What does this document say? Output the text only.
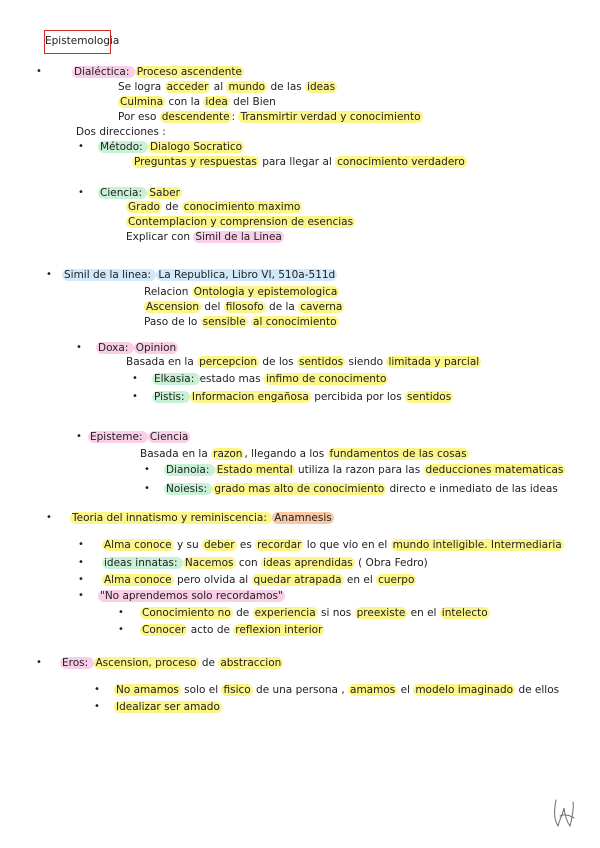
Epistemologia
•	Dialéctica: Proceso ascendente
Se logra acceder al mundo de las ideas
Culmina con la idea del Bien
Por eso descendente : Transmirtir verdad y conocimiento
Dos direcciones :
• Método: Dialogo Socratico
Preguntas y respuestas para llegar al conocimiento verdadero
• Ciencia: Saber
Grado de conocimiento maximo
Contemplacion y comprension de esencias
Explicar con Simil de la Linea
• Simil de la linea: La Republica, Libro VI, 510a-511d
Relacion Ontologia y epistemologica
Ascension del filosofo de la caverna
Paso de lo sensible al conocimiento
• Doxa: Opinion
Basada en la percepcion de los sentidos siendo limitada y parcial
• Elkasia: estado mas infimo de conocimento
• Pistis: Informacion engañosa percibida por los sentidos
• Episteme: Ciencia
Basada en la razon , llegando a los fundamentos de las cosas
• Dianoia: Estado mental utiliza la razon para las deducciones matematicas
• Noiesis: grado mas alto de conocimiento directo e inmediato de las ideas
• Teoria del innatismo y reminiscencia: Anamnesis
• Alma conoce y su deber es recordar lo que vio en el mundo inteligible. Intermediaria
• ideas innatas: Nacemos con ideas aprendidas ( Obra Fedro)
• Alma conoce pero olvida al quedar atrapada en el cuerpo
• "No aprendemos solo recordamos"
• Conocimiento no de experiencia si nos preexiste en el intelecto
• Conocer acto de reflexion interior
• Eros: Ascension, proceso de abstraccion
• No amamos solo el fisico de una persona , amamos el modelo imaginado de ellos
• Idealizar ser amado
